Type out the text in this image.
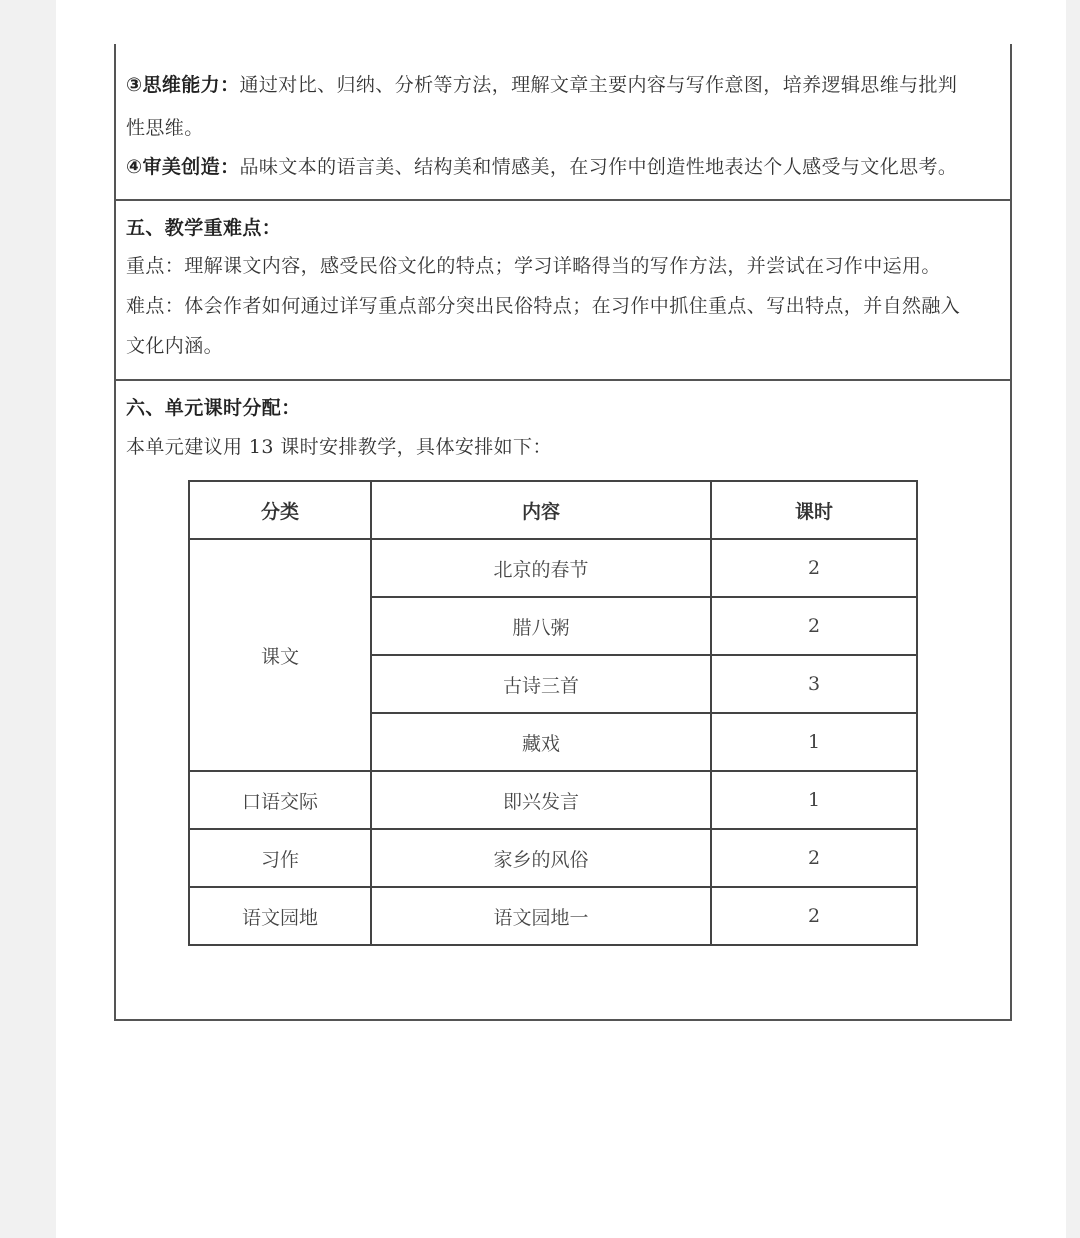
③思维能力：通过对比、归纳、分析等方法，理解文章主要内容与写作意图，培养逻辑思维与批判
性思维。
④审美创造：品味文本的语言美、结构美和情感美，在习作中创造性地表达个人感受与文化思考。
五、教学重难点：
重点：理解课文内容，感受民俗文化的特点；学习详略得当的写作方法，并尝试在习作中运用。
难点：体会作者如何通过详写重点部分突出民俗特点；在习作中抓住重点、写出特点，并自然融入
文化内涵。
六、单元课时分配：
本单元建议用 13 课时安排教学，具体安排如下：
分类	内容	课时
课文	北京的春节	2
	腊八粥	2
	古诗三首	3
	藏戏	1
口语交际	即兴发言	1
习作	家乡的风俗	2
语文园地	语文园地一	2
